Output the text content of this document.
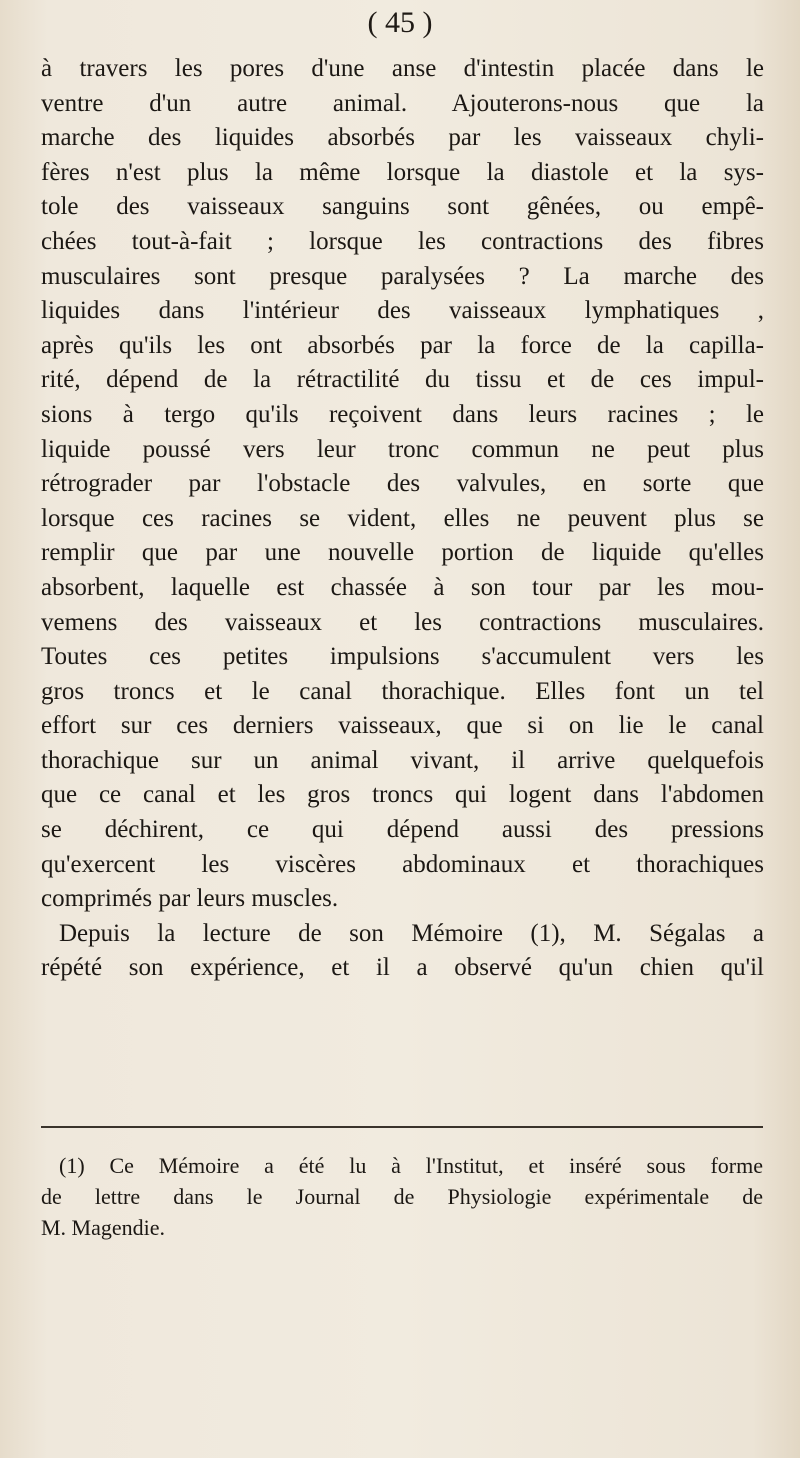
( 45 )
à travers les pores d'une anse d'intestin placée dans le
ventre d'un autre animal. Ajouterons-nous que la
marche des liquides absorbés par les vaisseaux chyli-
fères n'est plus la même lorsque la diastole et la sys-
tole des vaisseaux sanguins sont gênées, ou empê-
chées tout-à-fait ; lorsque les contractions des fibres
musculaires sont presque paralysées ? La marche des
liquides dans l'intérieur des vaisseaux lymphatiques ,
après qu'ils les ont absorbés par la force de la capilla-
rité, dépend de la rétractilité du tissu et de ces impul-
sions à tergo qu'ils reçoivent dans leurs racines ; le
liquide poussé vers leur tronc commun ne peut plus
rétrograder par l'obstacle des valvules, en sorte que
lorsque ces racines se vident, elles ne peuvent plus se
remplir que par une nouvelle portion de liquide qu'elles
absorbent, laquelle est chassée à son tour par les mou-
vemens des vaisseaux et les contractions musculaires.
Toutes ces petites impulsions s'accumulent vers les
gros troncs et le canal thorachique. Elles font un tel
effort sur ces derniers vaisseaux, que si on lie le canal
thorachique sur un animal vivant, il arrive quelquefois
que ce canal et les gros troncs qui logent dans l'abdomen
se déchirent, ce qui dépend aussi des pressions
qu'exercent les viscères abdominaux et thorachiques
comprimés par leurs muscles.
Depuis la lecture de son Mémoire (1), M. Ségalas a
répété son expérience, et il a observé qu'un chien qu'il
(1) Ce Mémoire a été lu à l'Institut, et inséré sous forme
de lettre dans le Journal de Physiologie expérimentale de
M. Magendie.
